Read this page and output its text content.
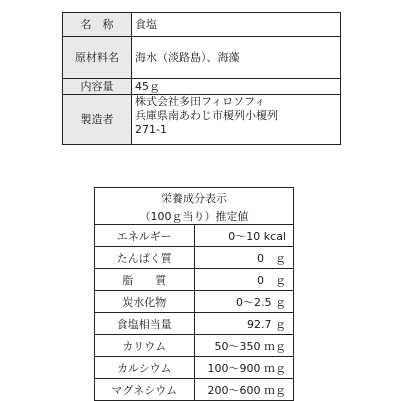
名　称	食塩
原材料名	海水（淡路島）、海藻
内容量	45ｇ
製造者	株式会社多田フィロソフィ
兵庫県南あわじ市榎列小榎列
271-1
栄養成分表示	
（100ｇ当り）推定値	
エネルギー	0～10 kcal
たんぱく質	0　ｇ
脂　　質	0　ｇ
炭水化物	0～2.5 ｇ
食塩相当量	92.7 ｇ
カリウム	50～350 ｍｇ
カルシウム	100～900 ｍｇ
マグネシウム	200～600 ｍｇ
